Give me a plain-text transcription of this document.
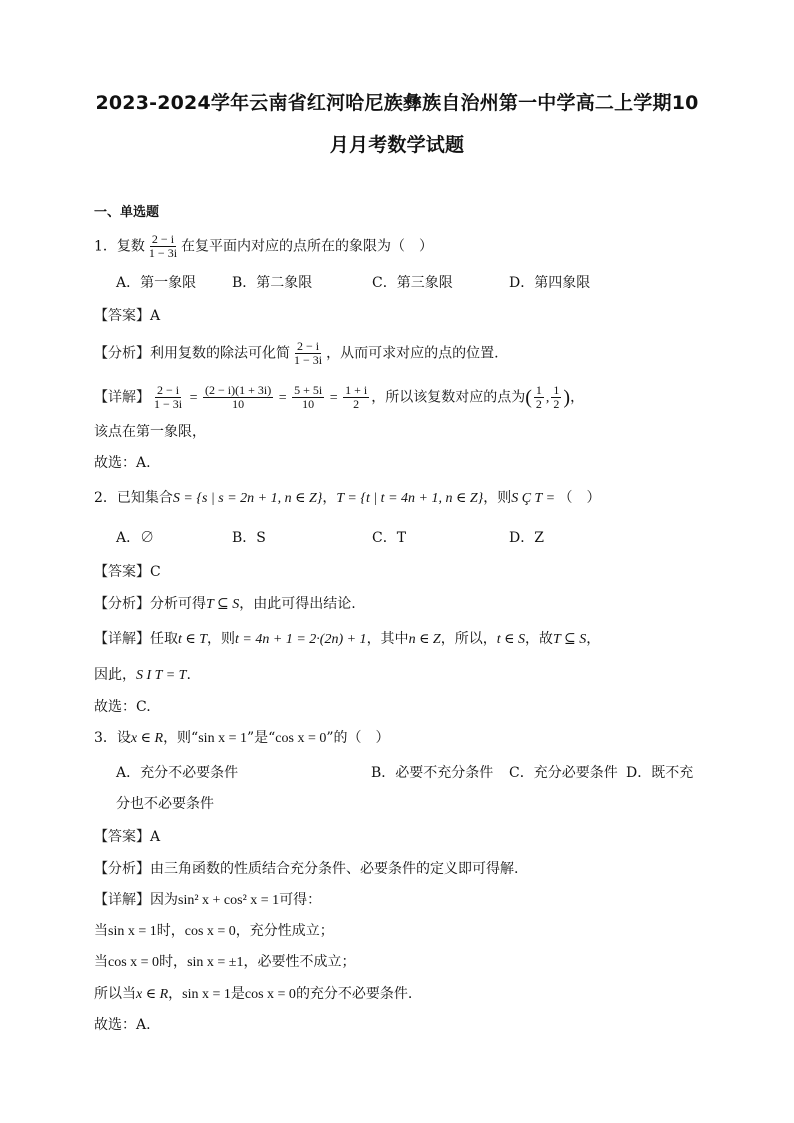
2023-2024学年云南省红河哈尼族彝族自治州第一中学高二上学期10
月月考数学试题
一、单选题
1．复数 $\frac{2 - i}{1 - 3i}$ 在复平面内对应的点所在的象限为（　）
A．第一象限	B．第二象限	C．第三象限	D．第四象限
【答案】A
【分析】利用复数的除法可化简 $\frac{2 - i}{1 - 3i}$ ，从而可求对应的点的位置.
【详解】 $\frac{2 - i}{1 - 3i} = \frac{(2 - i)(1 + 3i)}{10} = \frac{5 + 5i}{10} = \frac{1 + i}{2}$ ，所以该复数对应的点为( $\frac{1}{2}$ , $\frac{1}{2}$ )，
该点在第一象限，
故选：A.
2．已知集合S = {s | s = 2n + 1, n ∈ Z}，T = {t | t = 4n + 1, n ∈ Z}，则S Ç T = （　）
A．∅	B．S	C．T	D．Z
【答案】C
【分析】分析可得T ⊆ S，由此可得出结论.
【详解】任取t ∈ T，则t = 4n + 1 = 2·(2n) + 1，其中n ∈ Z，所以，t ∈ S，故T ⊆ S，
因此，S I T = T.
故选：C.
3．设x ∈ R，则“sin x = 1”是“cos x = 0”的（　）
A．充分不必要条件	B．必要不充分条件 C．充分必要条件 D．既不充
分也不必要条件
【答案】A
【分析】由三角函数的性质结合充分条件、必要条件的定义即可得解.
【详解】因为sin² x + cos² x = 1可得：
当sin x = 1时，cos x = 0，充分性成立；
当cos x = 0时，sin x = ±1，必要性不成立；
所以当x ∈ R，sin x = 1是cos x = 0的充分不必要条件.
故选：A.
